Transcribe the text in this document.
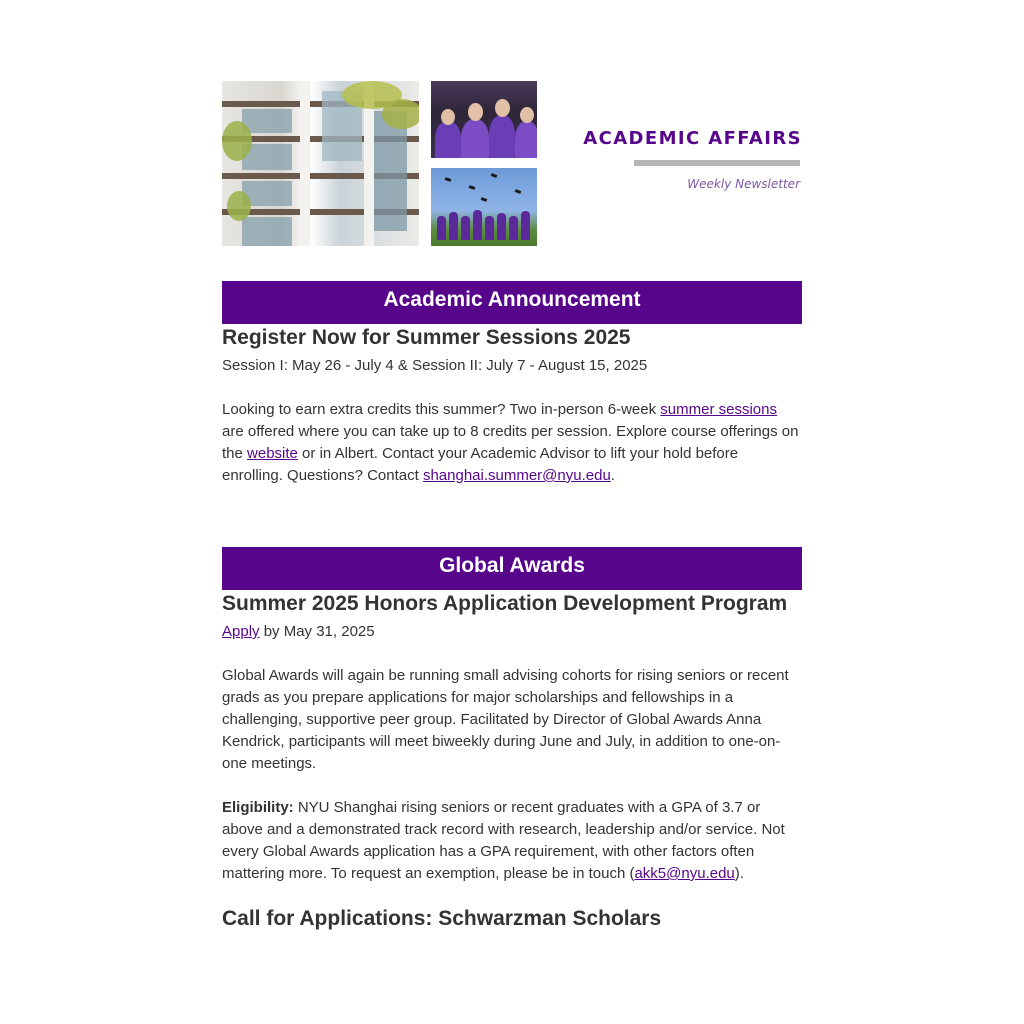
ACADEMIC AFFAIRS
Weekly Newsletter
Academic Announcement
Register Now for Summer Sessions 2025
Session I: May 26 - July 4 & Session II: July 7 - August 15, 2025

Looking to earn extra credits this summer? Two in-person 6-week summer sessions are offered where you can take up to 8 credits per session. Explore course offerings on the website or in Albert. Contact your Academic Advisor to lift your hold before enrolling. Questions? Contact shanghai.summer@nyu.edu.

Global Awards
Summer 2025 Honors Application Development Program
Apply by May 31, 2025

Global Awards will again be running small advising cohorts for rising seniors or recent grads as you prepare applications for major scholarships and fellowships in a challenging, supportive peer group. Facilitated by Director of Global Awards Anna Kendrick, participants will meet biweekly during June and July, in addition to one-on-one meetings.

Eligibility: NYU Shanghai rising seniors or recent graduates with a GPA of 3.7 or above and a demonstrated track record with research, leadership and/or service. Not every Global Awards application has a GPA requirement, with other factors often mattering more. To request an exemption, please be in touch (akk5@nyu.edu).

Call for Applications: Schwarzman Scholars
